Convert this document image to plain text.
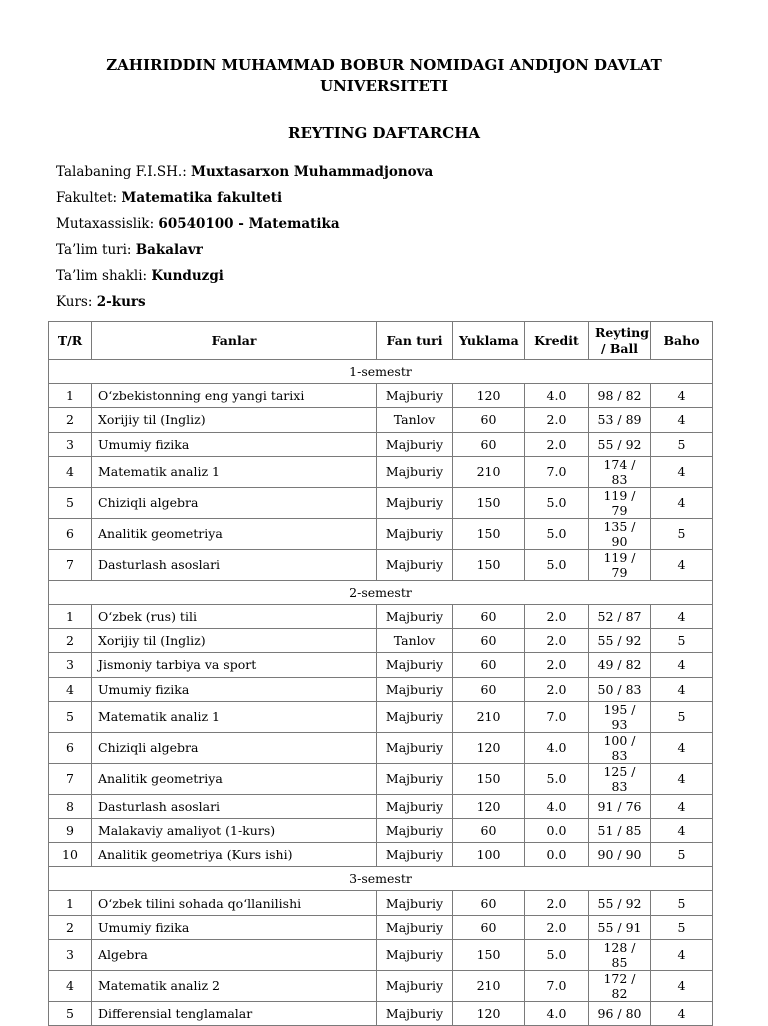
ZAHIRIDDIN MUHAMMAD BOBUR NOMIDAGI ANDIJON DAVLAT UNIVERSITETI
REYTING DAFTARCHA
Talabaning F.I.SH.: Muxtasarxon Muhammadjonova
Fakultet: Matematika fakulteti
Mutaxassislik: 60540100 - Matematika
Ta’lim turi: Bakalavr
Ta’lim shakli: Kunduzgi
Kurs: 2-kurs
T/R	Fanlar	Fan turi	Yuklama	Kredit	Reyting / Ball	Baho
1-semestr						
1	O‘zbekistonning eng yangi tarixi	Majburiy	120	4.0	98 / 82	4
2	Xorijiy til (Ingliz)	Tanlov	60	2.0	53 / 89	4
3	Umumiy fizika	Majburiy	60	2.0	55 / 92	5
4	Matematik analiz 1	Majburiy	210	7.0	174 / 83	4
5	Chiziqli algebra	Majburiy	150	5.0	119 / 79	4
6	Analitik geometriya	Majburiy	150	5.0	135 / 90	5
7	Dasturlash asoslari	Majburiy	150	5.0	119 / 79	4
2-semestr						
1	O‘zbek (rus) tili	Majburiy	60	2.0	52 / 87	4
2	Xorijiy til (Ingliz)	Tanlov	60	2.0	55 / 92	5
3	Jismoniy tarbiya va sport	Majburiy	60	2.0	49 / 82	4
4	Umumiy fizika	Majburiy	60	2.0	50 / 83	4
5	Matematik analiz 1	Majburiy	210	7.0	195 / 93	5
6	Chiziqli algebra	Majburiy	120	4.0	100 / 83	4
7	Analitik geometriya	Majburiy	150	5.0	125 / 83	4
8	Dasturlash asoslari	Majburiy	120	4.0	91 / 76	4
9	Malakaviy amaliyot (1-kurs)	Majburiy	60	0.0	51 / 85	4
10	Analitik geometriya (Kurs ishi)	Majburiy	100	0.0	90 / 90	5
3-semestr						
1	O‘zbek tilini sohada qo‘llanilishi	Majburiy	60	2.0	55 / 92	5
2	Umumiy fizika	Majburiy	60	2.0	55 / 91	5
3	Algebra	Majburiy	150	5.0	128 / 85	4
4	Matematik analiz 2	Majburiy	210	7.0	172 / 82	4
5	Differensial tenglamalar	Majburiy	120	4.0	96 / 80	4
